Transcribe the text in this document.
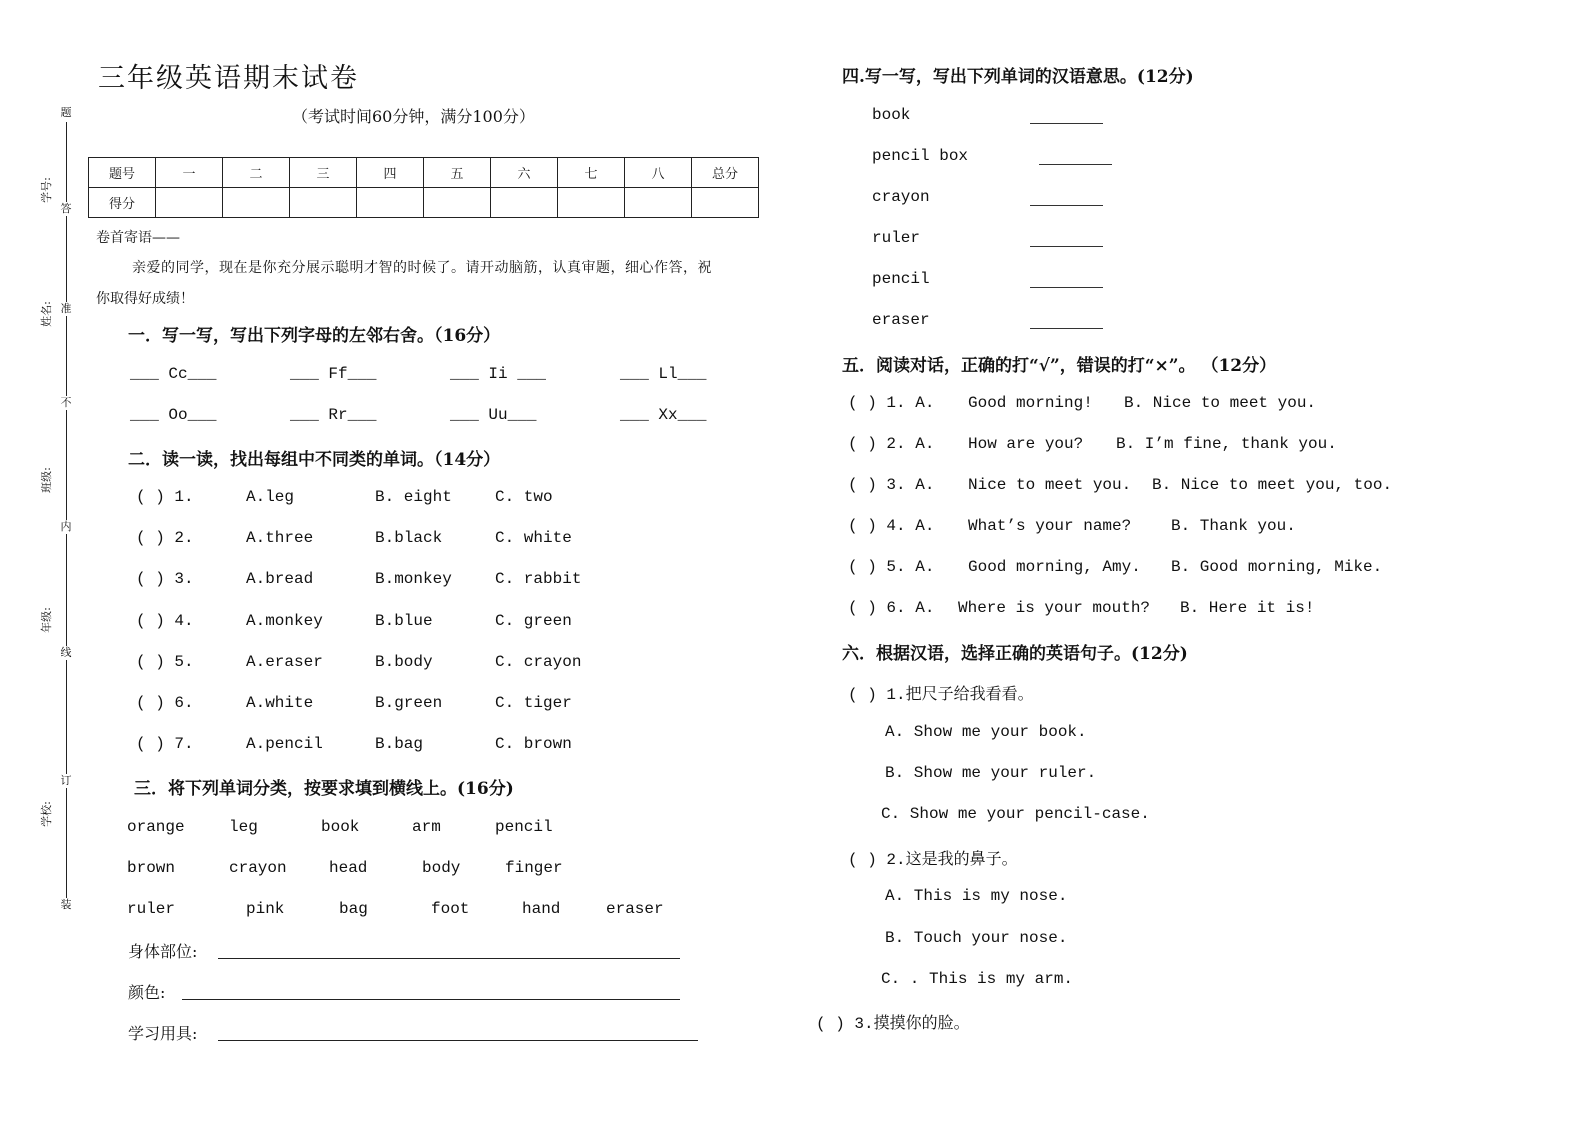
题
答
准
不
内
线
订
装
学号:
姓名:
班级:
年级:
学校:
三年级英语期末试卷
（考试时间60分钟，满分100分）
题号	一	二	三	四	五	六	七	八	总分
得分									
卷首寄语——
亲爱的同学，现在是你充分展示聪明才智的时候了。请开动脑筋，认真审题，细心作答，祝
你取得好成绩！
一．写一写，写出下列字母的左邻右舍。（16分）
___ Cc___	___ Ff___	___ Ii ___	___ Ll___
___ Oo___	___ Rr___	___ Uu___	___ Xx___
二．读一读，找出每组中不同类的单词。（14分）
( ) 1.	A.leg	B. eight	C. two
( ) 2.	A.three	B.black	C. white
( ) 3.	A.bread	B.monkey	C. rabbit
( ) 4.	A.monkey	B.blue	C. green
( ) 5.	A.eraser	B.body	C. crayon
( ) 6.	A.white	B.green	C. tiger
( ) 7.	A.pencil	B.bag	C. brown
三．将下列单词分类，按要求填到横线上。(16分)
orange	leg	book	arm	pencil
brown	crayon	head	body	finger
ruler	pink	bag	foot	hand	eraser
身体部位:
颜色:
学习用具:
四.写一写，写出下列单词的汉语意思。(12分)
book
pencil box
crayon
ruler
pencil
eraser
五．阅读对话，正确的打“√”，错误的打“×”。 （12分）
( ) 1. A. Good morning! B. Nice to meet you.
( ) 2. A. How are you? B. I’m fine, thank you.
( ) 3. A. Nice to meet you. B. Nice to meet you, too.
( ) 4. A. What’s your name? B. Thank you.
( ) 5. A. Good morning, Amy. B. Good morning, Mike.
( ) 6. A. Where is your mouth? B. Here it is!
六．根据汉语，选择正确的英语句子。(12分)
( ) 1.把尺子给我看看。
A. Show me your book.
B. Show me your ruler.
C. Show me your pencil-case.
( ) 2.这是我的鼻子。
A. This is my nose.
B. Touch your nose.
C. . This is my arm.
( ) 3.摸摸你的脸。
